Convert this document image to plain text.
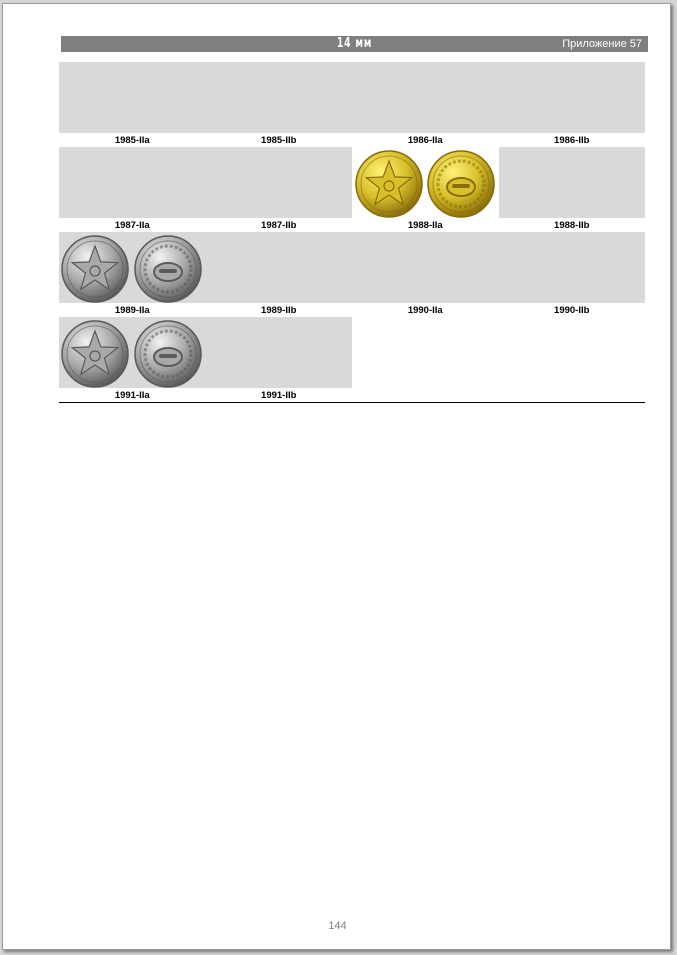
14 мм	Приложение 57
144
1985-IIa	1985-IIb	1986-IIa	1986-IIb
1987-IIa	1987-IIb	1988-IIa	1988-IIb
1989-IIa	1989-IIb	1990-IIa	1990-IIb
1991-IIa	1991-IIb
